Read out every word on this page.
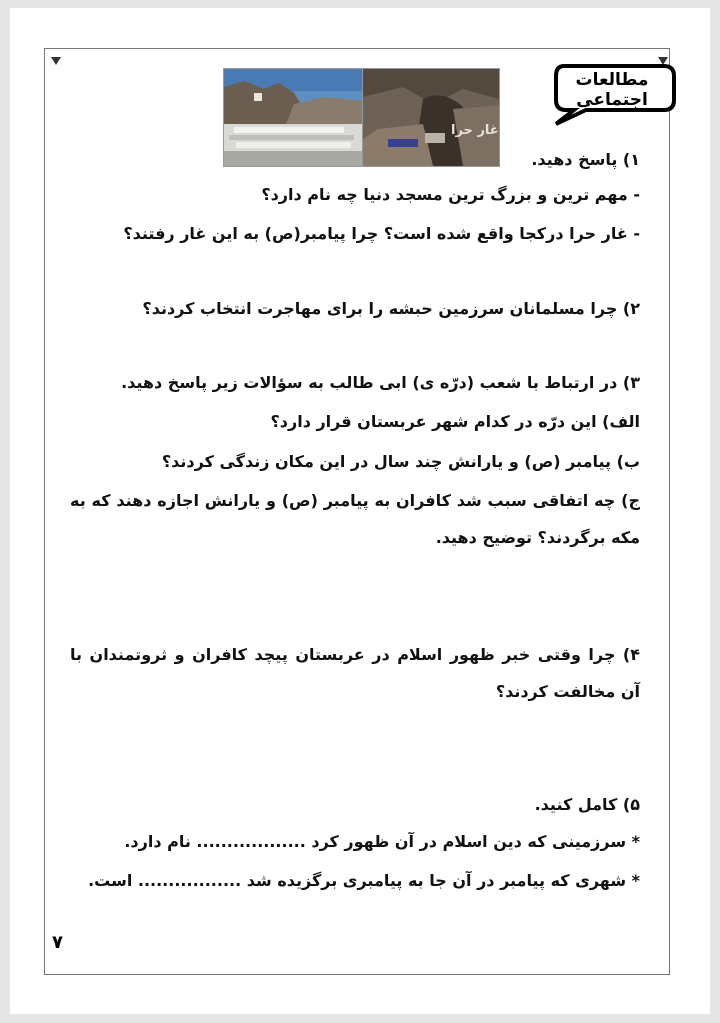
غار حرا
مطالعات اجتماعی
۱) پاسخ دهید.
- مهم ترین و بزرگ ترین مسجد دنیا چه نام دارد؟
- غار حرا درکجا واقع شده است؟ چرا پیامبر(ص) به این غار رفتند؟
۲) چرا مسلمانان سرزمین حبشه را برای مهاجرت انتخاب کردند؟
۳) در ارتباط با شعب (درّه ی) ابی طالب به سؤالات زیر پاسخ دهید.
الف) این درّه در کدام شهر عربستان قرار دارد؟
ب) پیامبر (ص) و یارانش چند سال در این مکان زندگی کردند؟
ج) چه اتفاقی سبب شد کافران به پیامبر (ص) و یارانش اجازه دهند که به مکه برگردند؟ توضیح دهید.
۴) چرا وقتی خبر ظهور اسلام در عربستان پیچد کافران و ثروتمندان با آن مخالفت کردند؟
۵) کامل کنید.
* سرزمینی که دین اسلام در آن ظهور کرد .................. نام دارد.
* شهری که پیامبر در آن جا به پیامبری برگزیده شد ................. است.
۷
